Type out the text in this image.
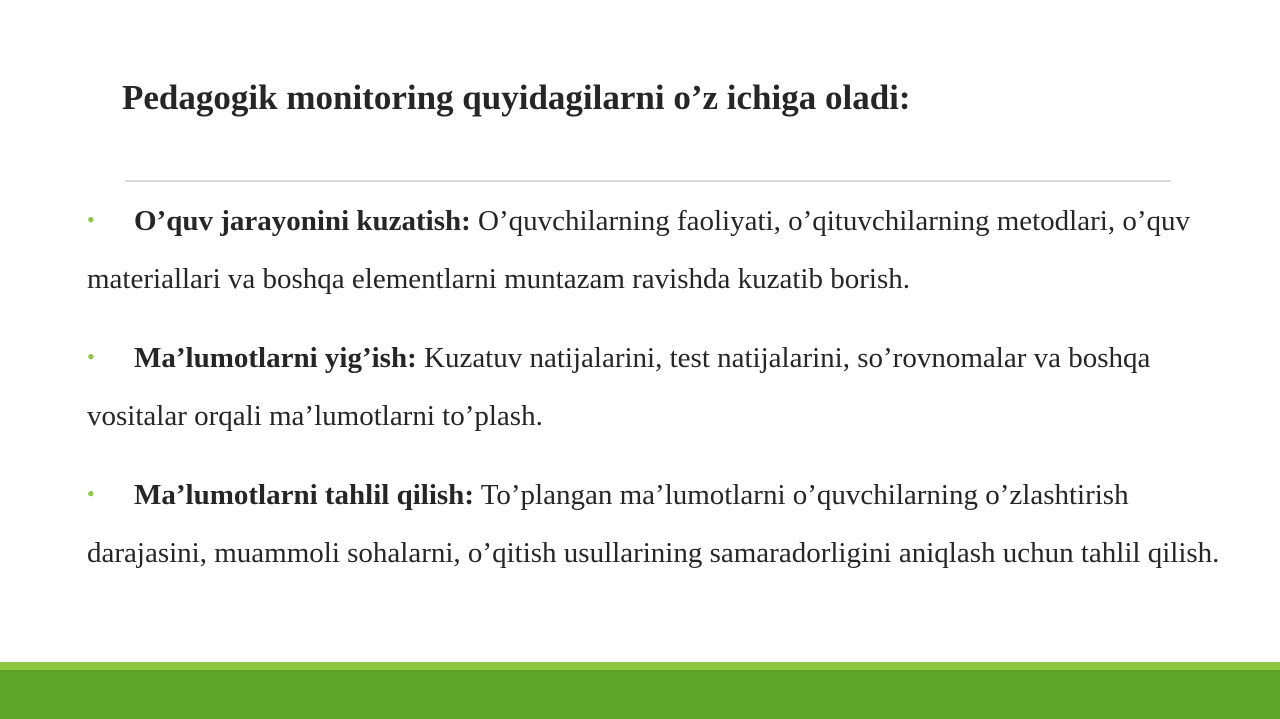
Pedagogik monitoring quyidagilarni o’z ichiga oladi:
• O’quv jarayonini kuzatish: O’quvchilarning faoliyati, o’qituvchilarning metodlari, o’quv materiallari va boshqa elementlarni muntazam ravishda kuzatib borish.
• Ma’lumotlarni yig’ish: Kuzatuv natijalarini, test natijalarini, so’rovnomalar va boshqa vositalar orqali ma’lumotlarni to’plash.
• Ma’lumotlarni tahlil qilish: To’plangan ma’lumotlarni o’quvchilarning o’zlashtirish darajasini, muammoli sohalarni, o’qitish usullarining samaradorligini aniqlash uchun tahlil qilish.
